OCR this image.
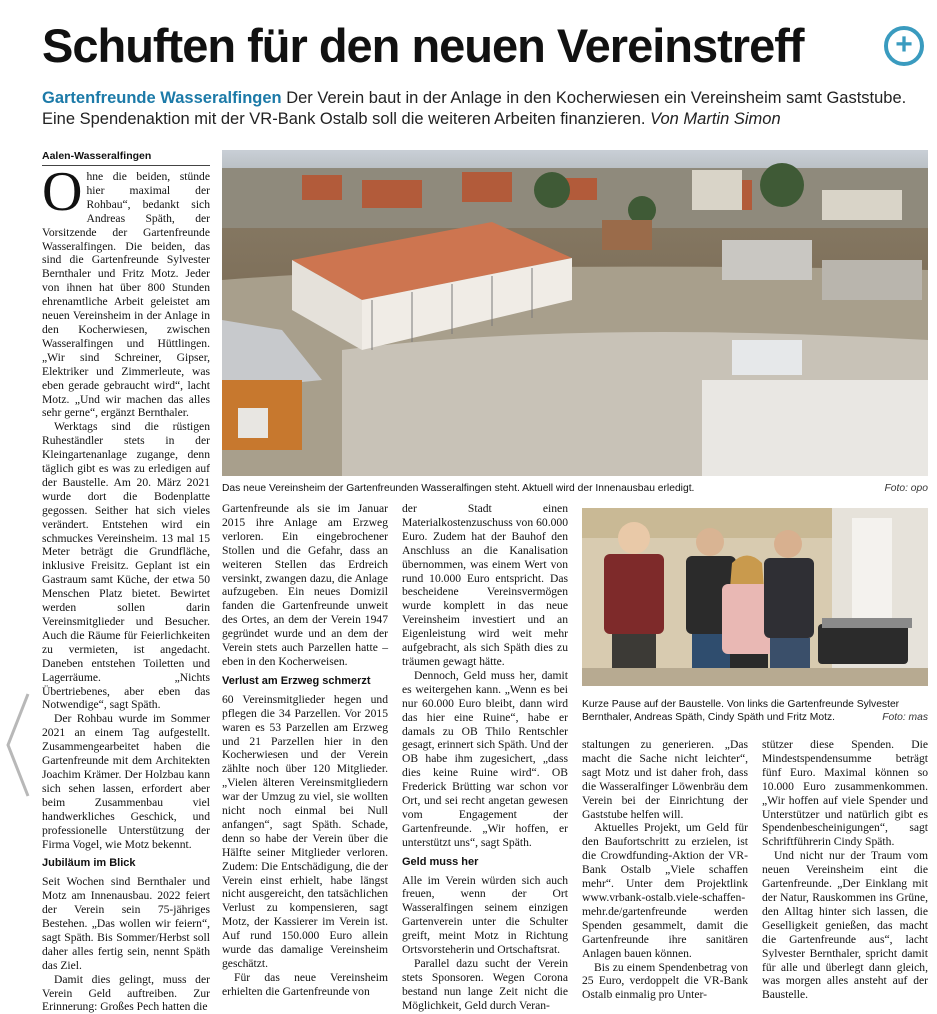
Schuften für den neuen Vereinstreff	+
Gartenfreunde Wasseralfingen Der Verein baut in der Anlage in den Kocherwiesen ein Vereinsheim samt Gaststube. Eine Spendenaktion mit der VR-Bank Ostalb soll die weiteren Arbeiten finanzieren. Von Martin Simon
Aalen-Wasseralfingen

Ohne die beiden, stünde hier maximal der Rohbau“, bedankt sich Andreas Späth, der Vorsitzende der Gartenfreunde Wasseralfingen. Die beiden, das sind die Gartenfreunde Sylvester Bernthaler und Fritz Motz. Jeder von ihnen hat über 800 Stunden ehrenamtliche Arbeit geleistet am neuen Vereinsheim in der Anlage in den Kocherwiesen, zwischen Wasseralfingen und Hüttlingen. „Wir sind Schreiner, Gipser, Elektriker und Zimmerleute, was eben gerade gebraucht wird“, lacht Motz. „Und wir machen das alles sehr gerne“, ergänzt Bernthaler.

Werktags sind die rüstigen Ruheständler stets in der Kleingartenanlage zugange, denn täglich gibt es was zu erledigen auf der Baustelle. Am 20. März 2021 wurde dort die Bodenplatte gegossen. Seither hat sich vieles verändert. Entstehen wird ein schmuckes Vereinsheim. 13 mal 15 Meter beträgt die Grundfläche, inklusive Freisitz. Geplant ist ein Gastraum samt Küche, der etwa 50 Menschen Platz bietet. Bewirtet werden sollen darin Vereinsmitglieder und Besucher. Auch die Räume für Feierlichkeiten zu vermieten, ist angedacht. Daneben entstehen Toiletten und Lagerräume. „Nichts Übertriebenes, aber eben das Notwendige“, sagt Späth.

Der Rohbau wurde im Sommer 2021 an einem Tag aufgestellt. Zusammengearbeitet haben die Gartenfreunde mit dem Architekten Joachim Krämer. Der Holzbau kann sich sehen lassen, erfordert aber beim Zusammenbau viel handwerkliches Geschick, und professionelle Unterstützung der Firma Vogel, wie Motz bekennt.

Jubiläum im Blick

Seit Wochen sind Bernthaler und Motz am Innenausbau. 2022 feiert der Verein sein 75-jähriges Bestehen. „Das wollen wir feiern“, sagt Späth. Bis Sommer/Herbst soll daher alles fertig sein, nennt Späth das Ziel.

Damit dies gelingt, muss der Verein Geld auftreiben. Zur Erinnerung: Großes Pech hatten die

Das neue Vereinsheim der Gartenfreunden Wasseralfingen steht. Aktuell wird der Innenausbau erledigt.	Foto: opo

Gartenfreunde als sie im Januar 2015 ihre Anlage am Erzweg verloren. Ein eingebrochener Stollen und die Gefahr, dass an weiteren Stellen das Erdreich versinkt, zwangen dazu, die Anlage aufzugeben. Ein neues Domizil fanden die Gartenfreunde unweit des Ortes, an dem der Verein 1947 gegründet wurde und an dem der Verein stets auch Parzellen hatte – eben in den Kocherweisen.

Verlust am Erzweg schmerzt

60 Vereinsmitglieder hegen und pflegen die 34 Parzellen. Vor 2015 waren es 53 Parzellen am Erzweg und 21 Parzellen hier in den Kocherwiesen und der Verein zählte noch über 120 Mitglieder. „Vielen älteren Vereinsmitgliedern war der Umzug zu viel, sie wollten nicht noch einmal bei Null anfangen“, sagt Späth. Schade, denn so habe der Verein über die Hälfte seiner Mitglieder verloren. Zudem: Die Entschädigung, die der Verein einst erhielt, habe längst nicht ausgereicht, den tatsächlichen Verlust zu kompensieren, sagt Motz, der Kassierer im Verein ist. Auf rund 150.000 Euro allein wurde das damalige Vereinsheim geschätzt.

Für das neue Vereinsheim erhielten die Gartenfreunde von

der Stadt einen Materialkostenzuschuss von 60.000 Euro. Zudem hat der Bauhof den Anschluss an die Kanalisation übernommen, was einem Wert von rund 10.000 Euro entspricht. Das bescheidene Vereinsvermögen wurde komplett in das neue Vereinsheim investiert und an Eigenleistung wird weit mehr aufgebracht, als sich Späth dies zu träumen gewagt hätte.

Dennoch, Geld muss her, damit es weitergehen kann. „Wenn es bei nur 60.000 Euro bleibt, dann wird das hier eine Ruine“, habe er damals zu OB Thilo Rentschler gesagt, erinnert sich Späth. Und der OB habe ihm zugesichert, „dass dies keine Ruine wird“. OB Frederick Brütting war schon vor Ort, und sei recht angetan gewesen vom Engagement der Gartenfreunde. „Wir hoffen, er unterstützt uns“, sagt Späth.

Geld muss her

Alle im Verein würden sich auch freuen, wenn der Ort Wasseralfingen seinem einzigen Gartenverein unter die Schulter greift, meint Motz in Richtung Ortsvorsteherin und Ortschaftsrat.

Parallel dazu sucht der Verein stets Sponsoren. Wegen Corona bestand nun lange Zeit nicht die Möglichkeit, Geld durch Veran-

Kurze Pause auf der Baustelle. Von links die Gartenfreunde Sylvester Bernthaler, Andreas Späth, Cindy Späth und Fritz Motz.	Foto: mas

staltungen zu generieren. „Das macht die Sache nicht leichter“, sagt Motz und ist daher froh, dass die Wasseralfinger Löwenbräu dem Verein bei der Einrichtung der Gaststube helfen will.

Aktuelles Projekt, um Geld für den Baufortschritt zu erzielen, ist die Crowdfunding-Aktion der VR-Bank Ostalb „Viele schaffen mehr“. Unter dem Projektlink www.vrbank-ostalb.viele-schaffen-mehr.de/gartenfreunde werden Spenden gesammelt, damit die Gartenfreunde ihre sanitären Anlagen bauen können.

Bis zu einem Spendenbetrag von 25 Euro, verdoppelt die VR-Bank Ostalb einmalig pro Unter-

stützer diese Spenden. Die Mindestspendensumme beträgt fünf Euro. Maximal können so 10.000 Euro zusammenkommen. „Wir hoffen auf viele Spender und Unterstützer und natürlich gibt es Spendenbescheinigungen“, sagt Schriftführerin Cindy Späth.

Und nicht nur der Traum vom neuen Vereinsheim eint die Gartenfreunde. „Der Einklang mit der Natur, Rauskommen ins Grüne, den Alltag hinter sich lassen, die Geselligkeit genießen, das macht die Gartenfreunde aus“, lacht Sylvester Bernthaler, spricht damit für alle und überlegt dann gleich, was morgen alles ansteht auf der Baustelle.
